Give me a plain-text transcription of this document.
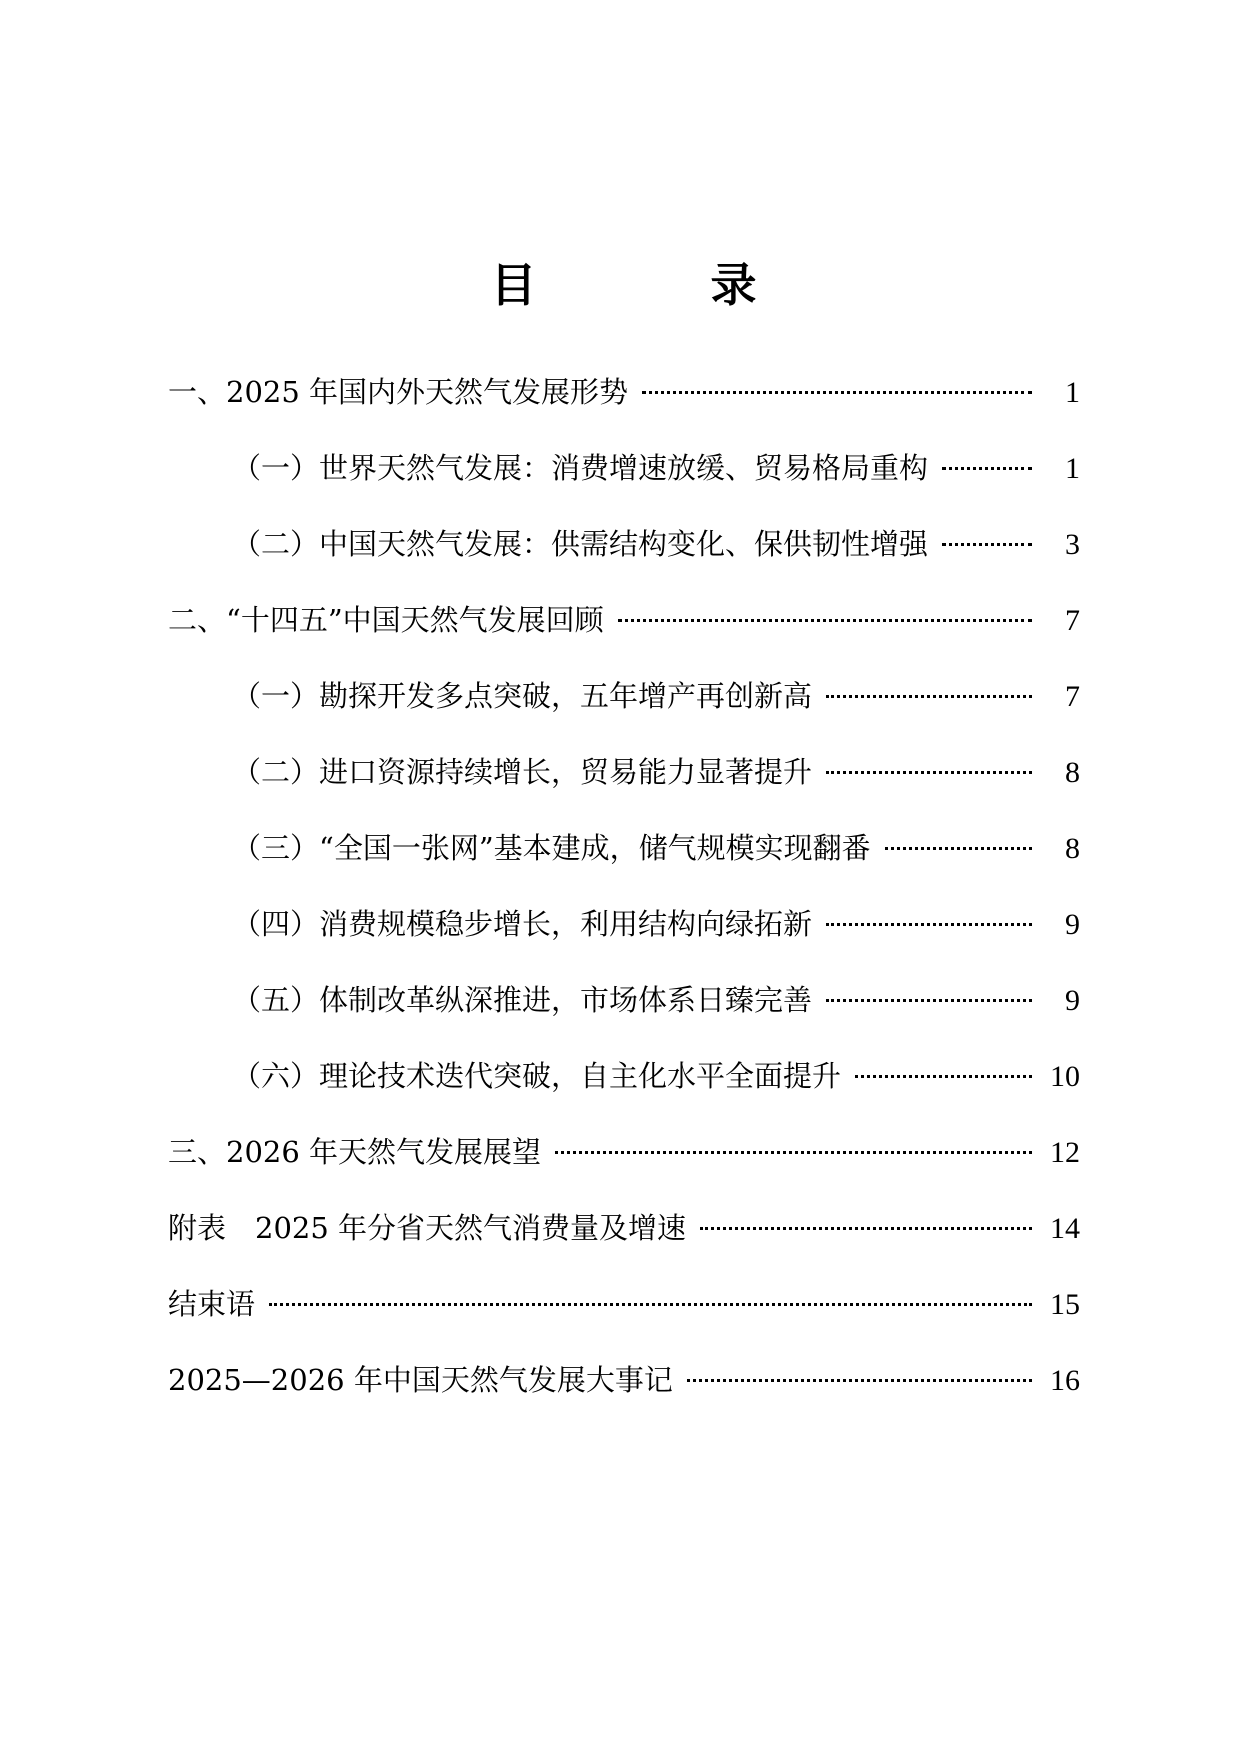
目　录
一、2025 年国内外天然气发展形势	1
（一）世界天然气发展：消费增速放缓、贸易格局重构	1
（二）中国天然气发展：供需结构变化、保供韧性增强	3
二、“十四五”中国天然气发展回顾	7
（一）勘探开发多点突破，五年增产再创新高	7
（二）进口资源持续增长，贸易能力显著提升	8
（三）“全国一张网”基本建成，储气规模实现翻番	8
（四）消费规模稳步增长，利用结构向绿拓新	9
（五）体制改革纵深推进，市场体系日臻完善	9
（六）理论技术迭代突破，自主化水平全面提升	10
三、2026 年天然气发展展望	12
附表　2025 年分省天然气消费量及增速	14
结束语	15
2025—2026 年中国天然气发展大事记	16
